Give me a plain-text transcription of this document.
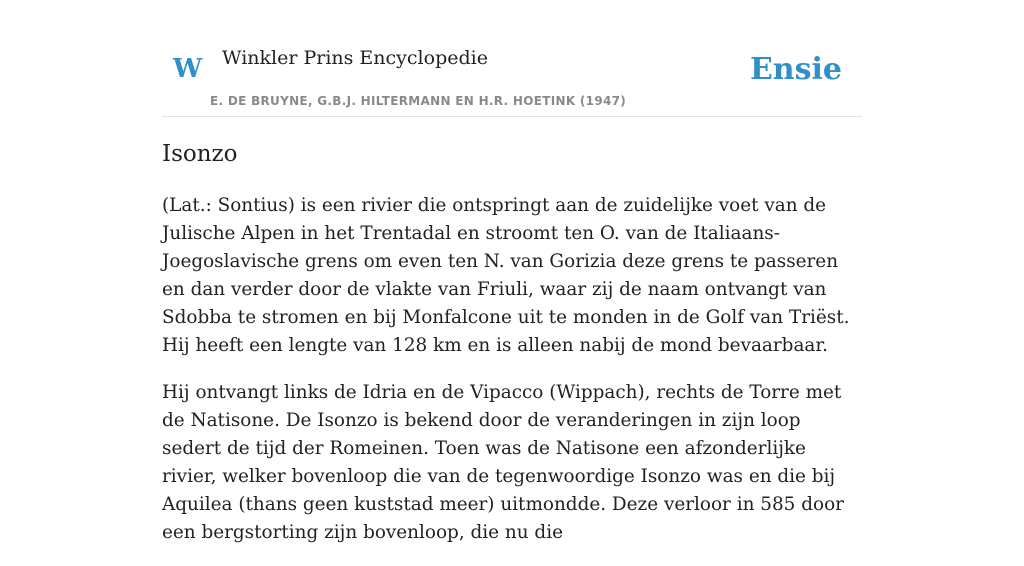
W Winkler Prins Encyclopedie
E. DE BRUYNE, G.B.J. HILTERMANN EN H.R. HOETINK (1947)
Ensie
Isonzo

(Lat.: Sontius) is een rivier die ontspringt aan de zuidelijke voet van de Julische Alpen in het Trentadal en stroomt ten O. van de Italiaans-Joegoslavische grens om even ten N. van Gorizia deze grens te passeren en dan verder door de vlakte van Friuli, waar zij de naam ontvangt van Sdobba te stromen en bij Monfalcone uit te monden in de Golf van Triëst. Hij heeft een lengte van 128 km en is alleen nabij de mond bevaarbaar.

Hij ontvangt links de Idria en de Vipacco (Wippach), rechts de Torre met de Natisone. De Isonzo is bekend door de veranderingen in zijn loop sedert de tijd der Romeinen. Toen was de Natisone een afzonderlijke rivier, welker bovenloop die van de tegenwoordige Isonzo was en die bij Aquilea (thans geen kuststad meer) uitmondde. Deze verloor in 585 door een bergstorting zijn bovenloop, die nu die
